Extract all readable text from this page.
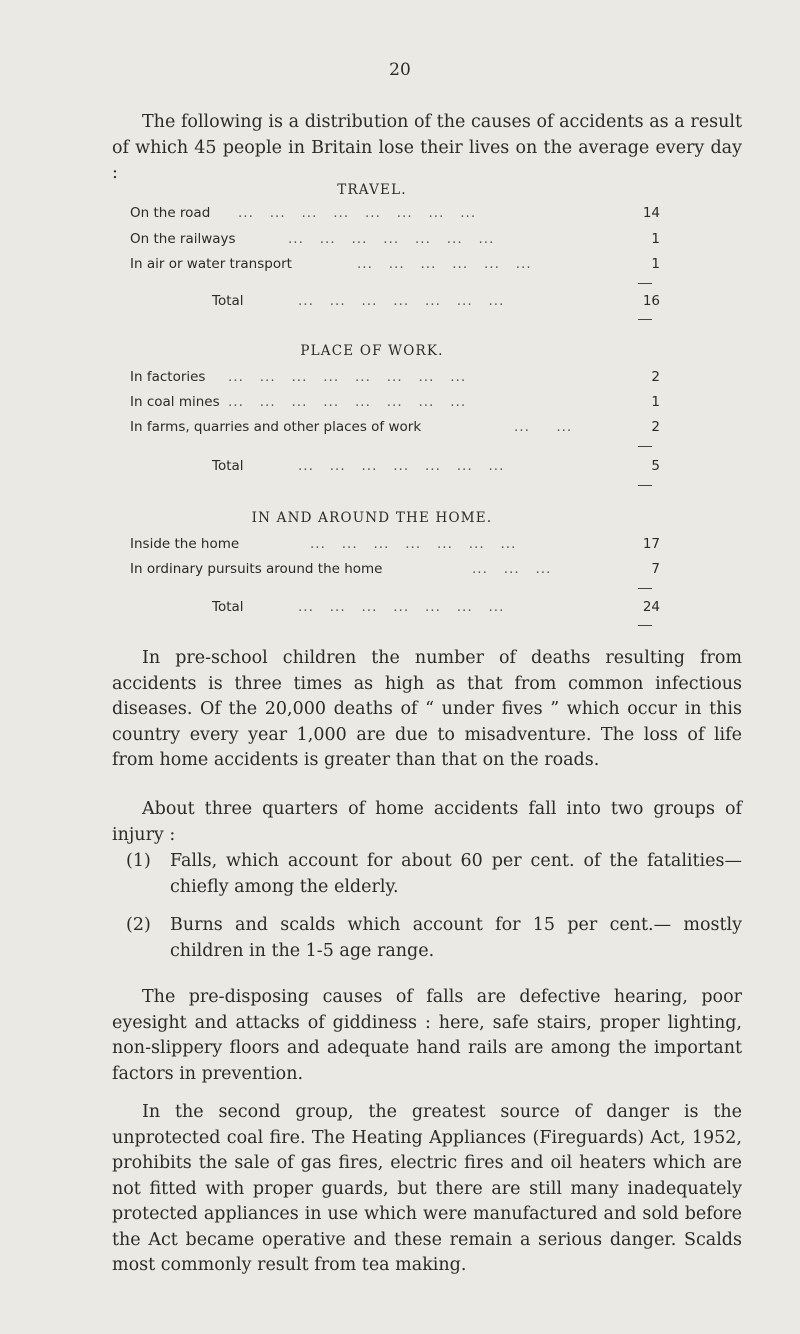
20

The following is a distribution of the causes of accidents as a result of which 45 people in Britain lose their lives on the average every day :

TRAVEL.
On the road ...   ...   ...   ...   ...   ...   ...   ...	14
On the railways	...   ...   ...   ...   ...   ...   ...	1
In air or water transport	...   ...   ...   ...   ...   ...	1
Total	...   ...   ...   ...   ...   ...   ...	16
PLACE OF WORK.
In factories ...   ...   ...   ...   ...   ...   ...   ...	2
In coal mines ...   ...   ...   ...   ...   ...   ...   ...	1
In farms, quarries and other places of work	...     ...	2
Total	...   ...   ...   ...   ...   ...   ...	5
IN AND AROUND THE HOME.
Inside the home	...   ...   ...   ...   ...   ...   ...	17
In ordinary pursuits around the home	...   ...   ...	7
Total	...   ...   ...   ...   ...   ...   ...	24

In pre-school children the number of deaths resulting from accidents is three times as high as that from common infectious diseases. Of the 20,000 deaths of “ under fives ” which occur in this country every year 1,000 are due to misadventure. The loss of life from home accidents is greater than that on the roads.

About three quarters of home accidents fall into two groups of injury :

(1) Falls, which account for about 60 per cent. of the fatalities—chiefly among the elderly.
(2) Burns and scalds which account for 15 per cent.— mostly children in the 1-5 age range.

The pre-disposing causes of falls are defective hearing, poor eyesight and attacks of giddiness : here, safe stairs, proper lighting, non-slippery floors and adequate hand rails are among the important factors in prevention.

In the second group, the greatest source of danger is the unprotected coal fire. The Heating Appliances (Fireguards) Act, 1952, prohibits the sale of gas fires, electric fires and oil heaters which are not fitted with proper guards, but there are still many inadequately protected appliances in use which were manufactured and sold before the Act became operative and these remain a serious danger. Scalds most commonly result from tea making.
